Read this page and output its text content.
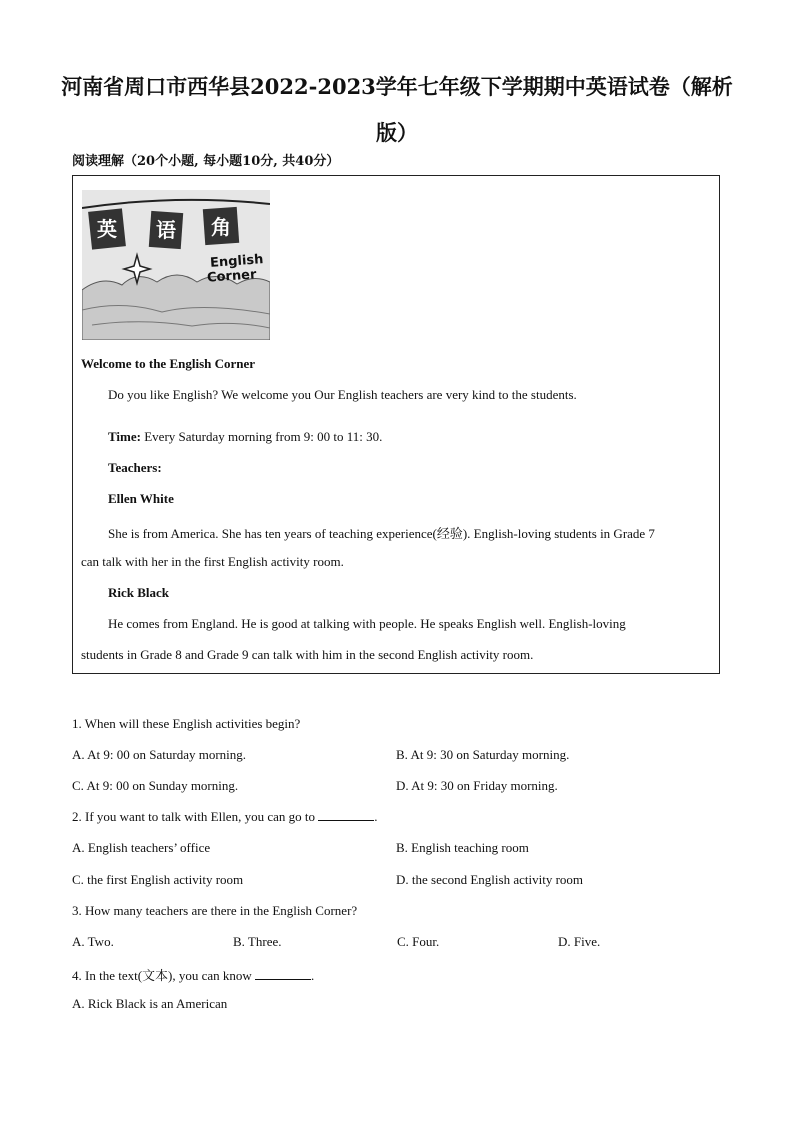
河南省周口市西华县2022-2023学年七年级下学期期中英语试卷（解析版）
阅读理解（20个小题, 每小题10分, 共40分）
英 语 角
English
Corner
Welcome to the English Corner
Do you like English? We welcome you Our English teachers are very kind to the students.
Time: Every Saturday morning from 9: 00 to 11: 30.
Teachers:
Ellen White
She is from America. She has ten years of teaching experience(经验). English-loving students in Grade 7
can talk with her in the first English activity room.
Rick Black
He comes from England. He is good at talking with people. He speaks English well. English-loving
students in Grade 8 and Grade 9 can talk with him in the second English activity room.
1. When will these English activities begin?
A. At 9: 00 on Saturday morning.	B. At 9: 30 on Saturday morning.
C. At 9: 00 on Sunday morning.	D. At 9: 30 on Friday morning.
2. If you want to talk with Ellen, you can go to	.
A. English teachers’ office	B. English teaching room
C. the first English activity room	D. the second English activity room
3. How many teachers are there in the English Corner?
A. Two.	B. Three.	C. Four.	D. Five.
4. In the text(文本), you can know	.
A. Rick Black is an American
